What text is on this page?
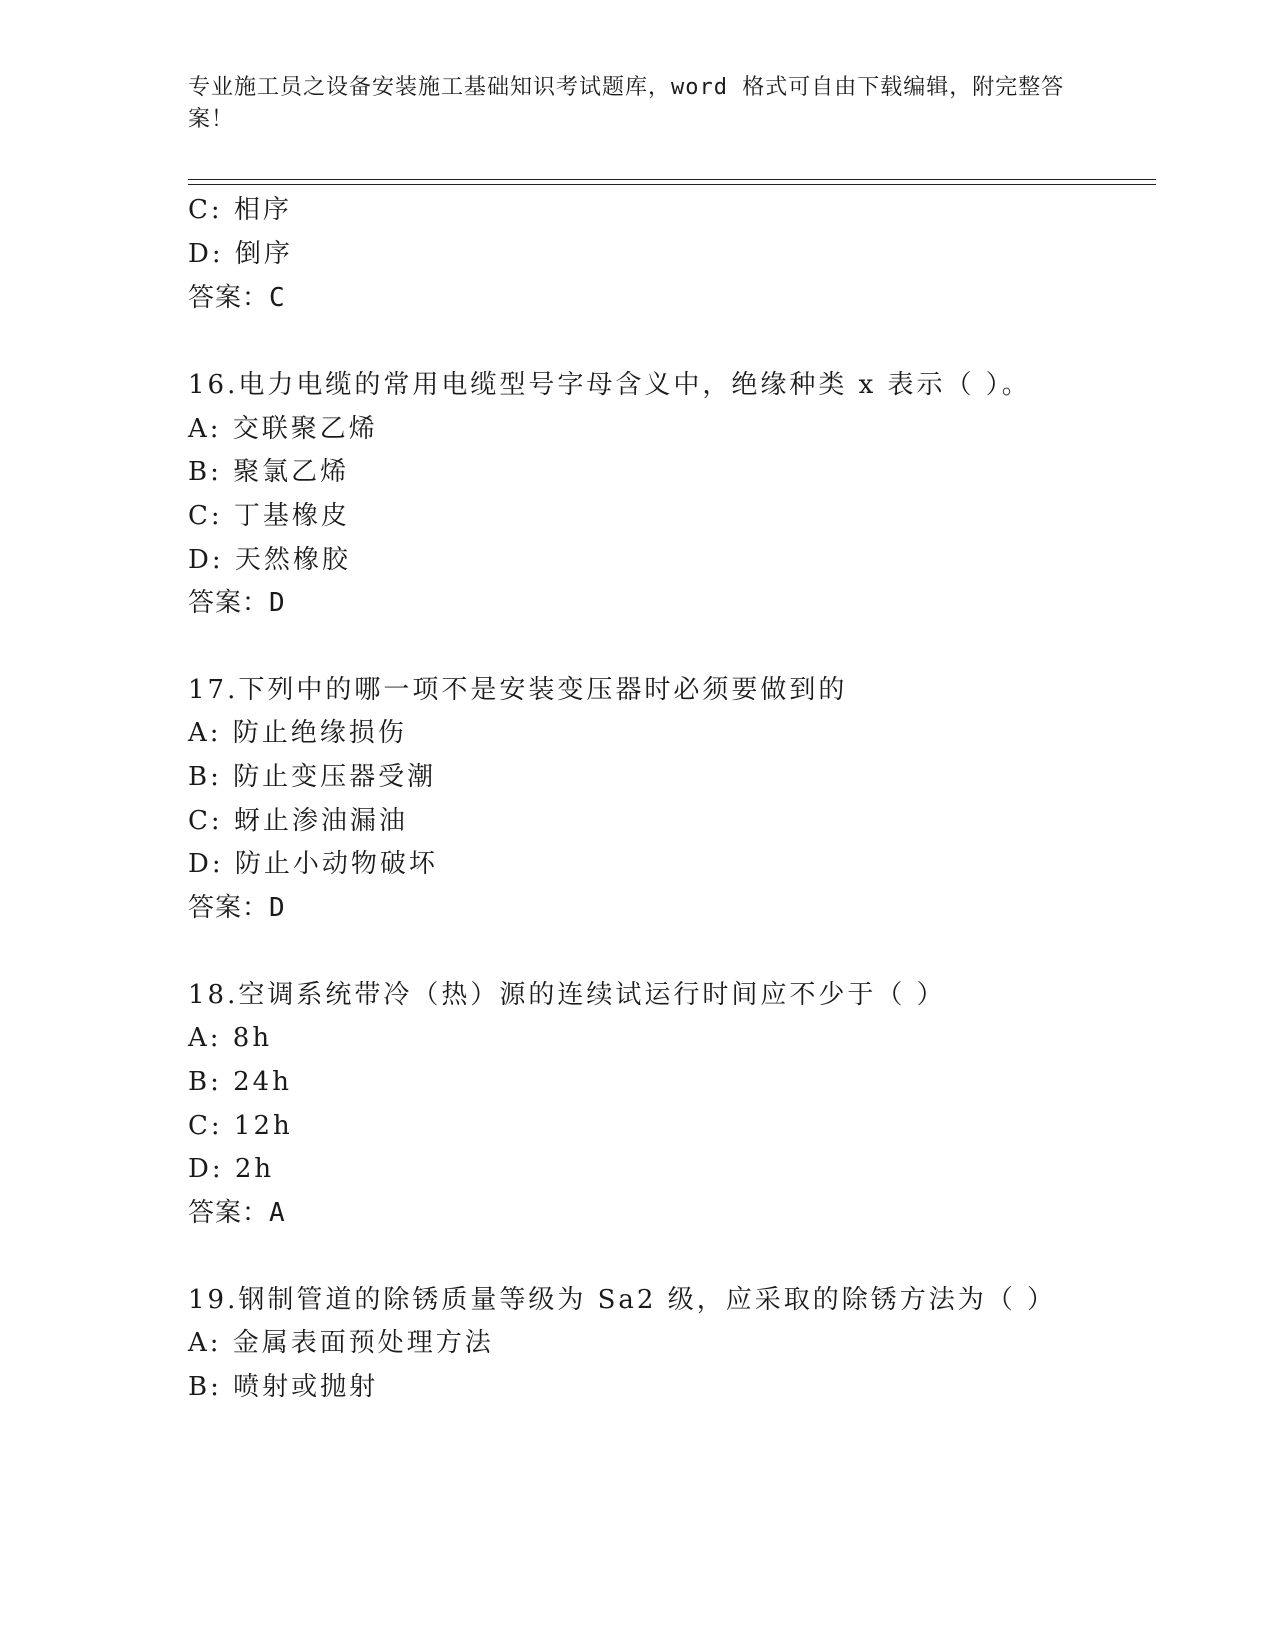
专业施工员之设备安装施工基础知识考试题库，word 格式可自由下载编辑，附完整答案！
C: 相序
D: 倒序
答案：C
16.电力电缆的常用电缆型号字母含义中，绝缘种类 x 表示（ ）。
A: 交联聚乙烯
B: 聚氯乙烯
C: 丁基橡皮
D: 天然橡胶
答案：D
17.下列中的哪一项不是安装变压器时必须要做到的
A: 防止绝缘损伤
B: 防止变压器受潮
C: 蚜止渗油漏油
D: 防止小动物破坏
答案：D
18.空调系统带冷（热）源的连续试运行时间应不少于（ ）
A: 8h
B: 24h
C: 12h
D: 2h
答案：A
19.钢制管道的除锈质量等级为 Sa2 级，应采取的除锈方法为（ ）
A: 金属表面预处理方法
B: 喷射或抛射
